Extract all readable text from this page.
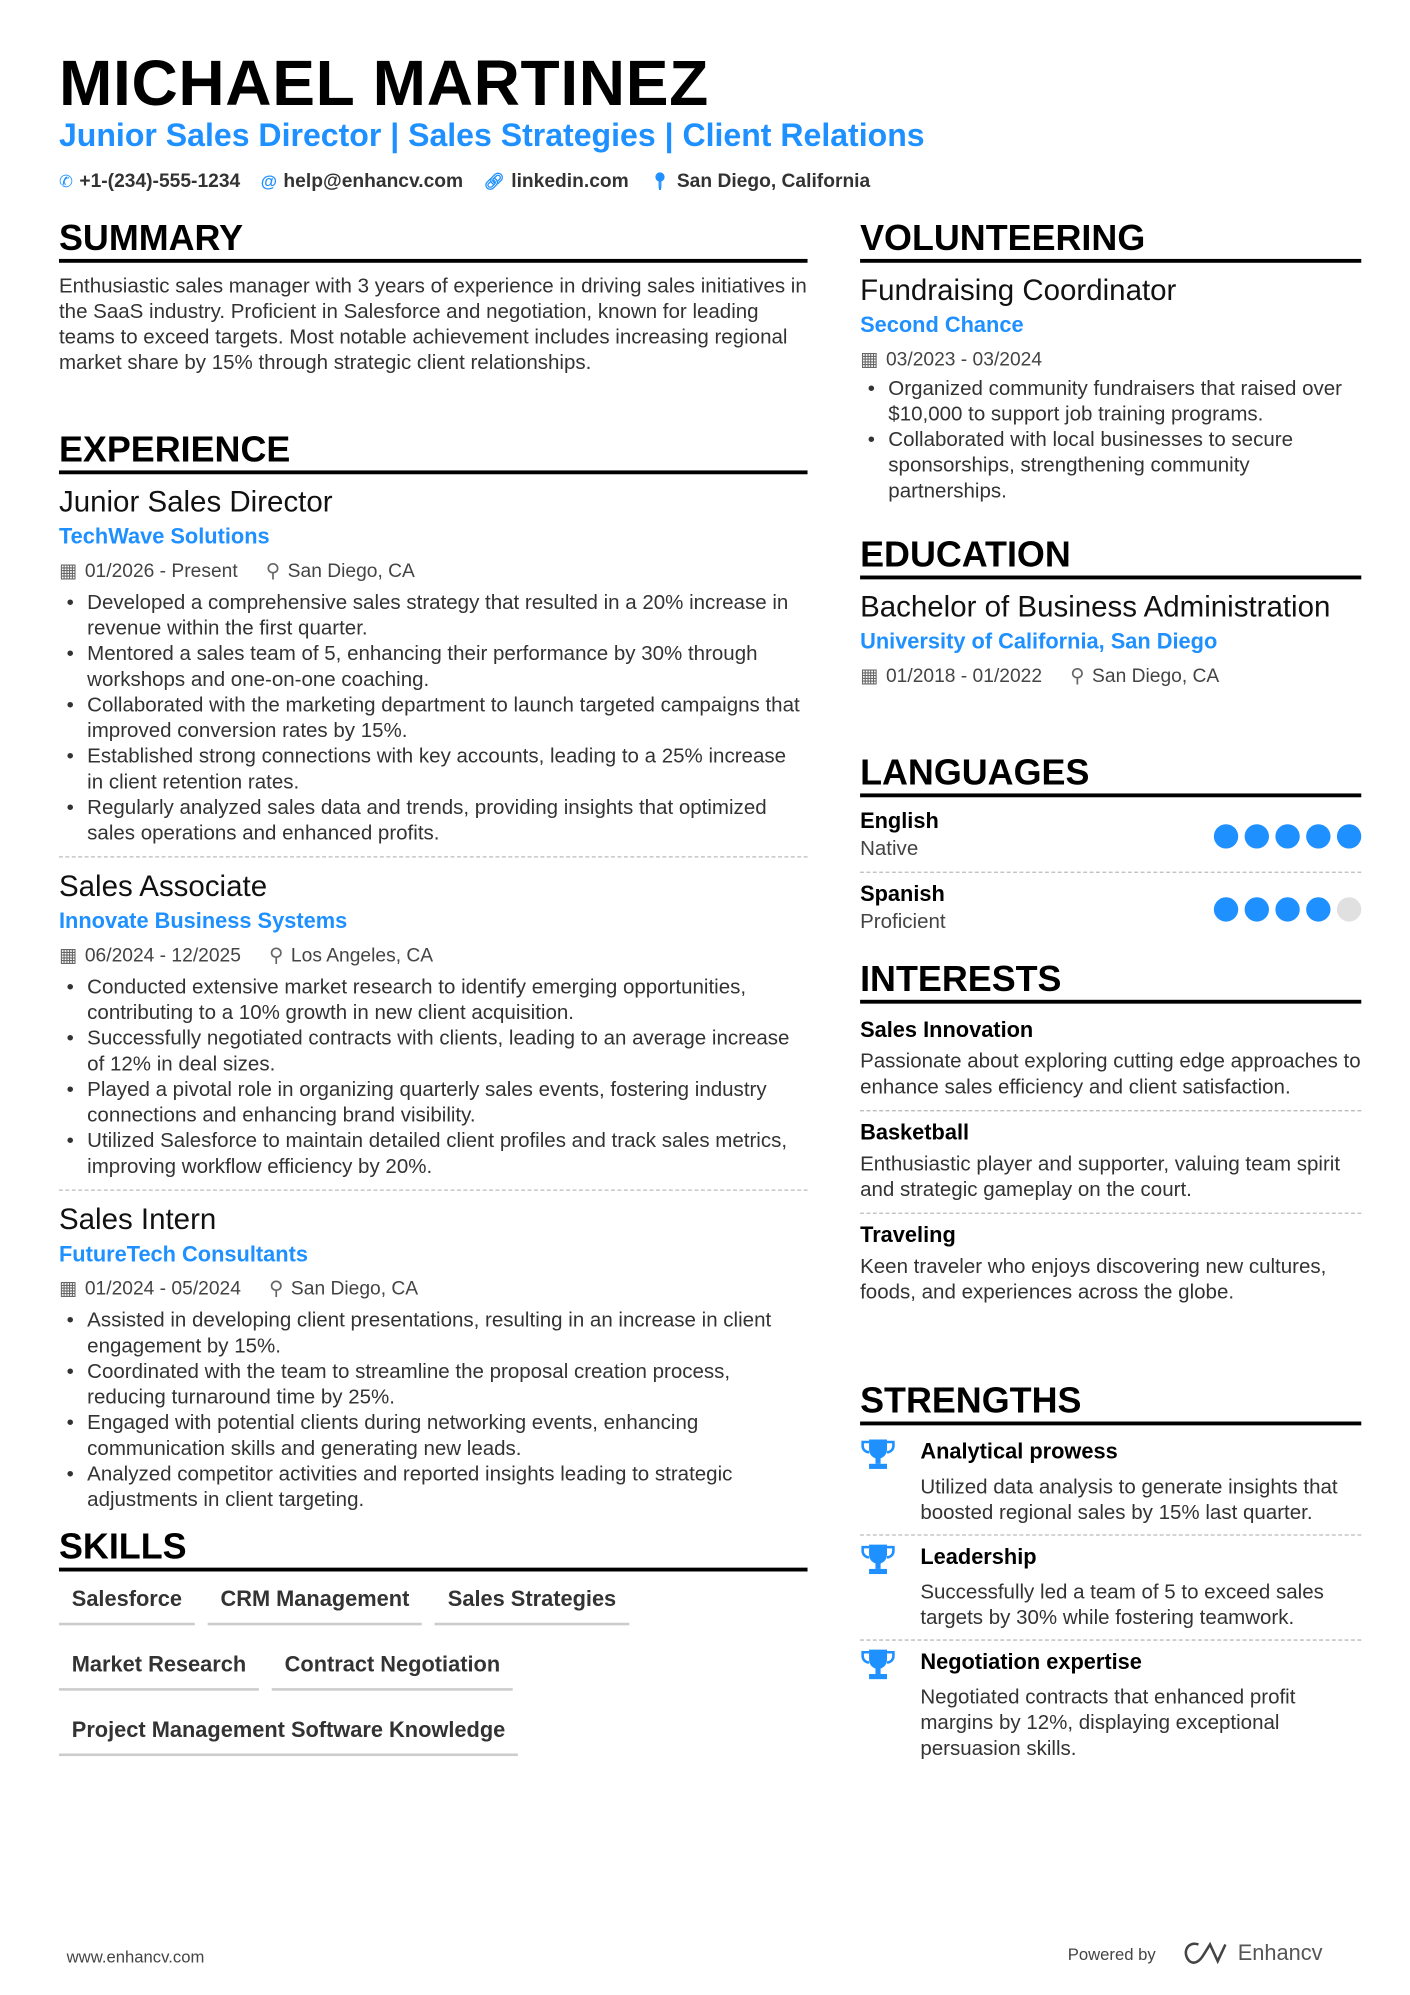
MICHAEL MARTINEZ
Junior Sales Director | Sales Strategies | Client Relations
✆ +1-(234)-555-1234 @ help@enhancv.com 🔗︎ linkedin.com 📍︎ San Diego, California
SUMMARY
Enthusiastic sales manager with 3 years of experience in driving sales initiatives in the SaaS industry. Proficient in Salesforce and negotiation, known for leading teams to exceed targets. Most notable achievement includes increasing regional market share by 15% through strategic client relationships.
EXPERIENCE
Junior Sales Director
TechWave Solutions
▦ 01/2026 - Present ⚲ San Diego, CA
• Developed a comprehensive sales strategy that resulted in a 20% increase in revenue within the first quarter.
• Mentored a sales team of 5, enhancing their performance by 30% through workshops and one-on-one coaching.
• Collaborated with the marketing department to launch targeted campaigns that improved conversion rates by 15%.
• Established strong connections with key accounts, leading to a 25% increase in client retention rates.
• Regularly analyzed sales data and trends, providing insights that optimized sales operations and enhanced profits.
Sales Associate
Innovate Business Systems
▦ 06/2024 - 12/2025 ⚲ Los Angeles, CA
• Conducted extensive market research to identify emerging opportunities, contributing to a 10% growth in new client acquisition.
• Successfully negotiated contracts with clients, leading to an average increase of 12% in deal sizes.
• Played a pivotal role in organizing quarterly sales events, fostering industry connections and enhancing brand visibility.
• Utilized Salesforce to maintain detailed client profiles and track sales metrics, improving workflow efficiency by 20%.
Sales Intern
FutureTech Consultants
▦ 01/2024 - 05/2024 ⚲ San Diego, CA
• Assisted in developing client presentations, resulting in an increase in client engagement by 15%.
• Coordinated with the team to streamline the proposal creation process, reducing turnaround time by 25%.
• Engaged with potential clients during networking events, enhancing communication skills and generating new leads.
• Analyzed competitor activities and reported insights leading to strategic adjustments in client targeting.
SKILLS
Salesforce	CRM Management	Sales Strategies
Market Research	Contract Negotiation
Project Management Software Knowledge
VOLUNTEERING
Fundraising Coordinator
Second Chance
▦ 03/2023 - 03/2024
• Organized community fundraisers that raised over $10,000 to support job training programs.
• Collaborated with local businesses to secure sponsorships, strengthening community partnerships.
EDUCATION
Bachelor of Business Administration
University of California, San Diego
▦ 01/2018 - 01/2022 ⚲ San Diego, CA
LANGUAGES
English
Native
Spanish
Proficient
INTERESTS
Sales Innovation
Passionate about exploring cutting edge approaches to enhance sales efficiency and client satisfaction.
Basketball
Enthusiastic player and supporter, valuing team spirit and strategic gameplay on the court.
Traveling
Keen traveler who enjoys discovering new cultures, foods, and experiences across the globe.
STRENGTHS
Analytical prowess
Utilized data analysis to generate insights that boosted regional sales by 15% last quarter.
Leadership
Successfully led a team of 5 to exceed sales targets by 30% while fostering teamwork.
Negotiation expertise
Negotiated contracts that enhanced profit margins by 12%, displaying exceptional persuasion skills.
www.enhancv.com	Powered by	Enhancv
